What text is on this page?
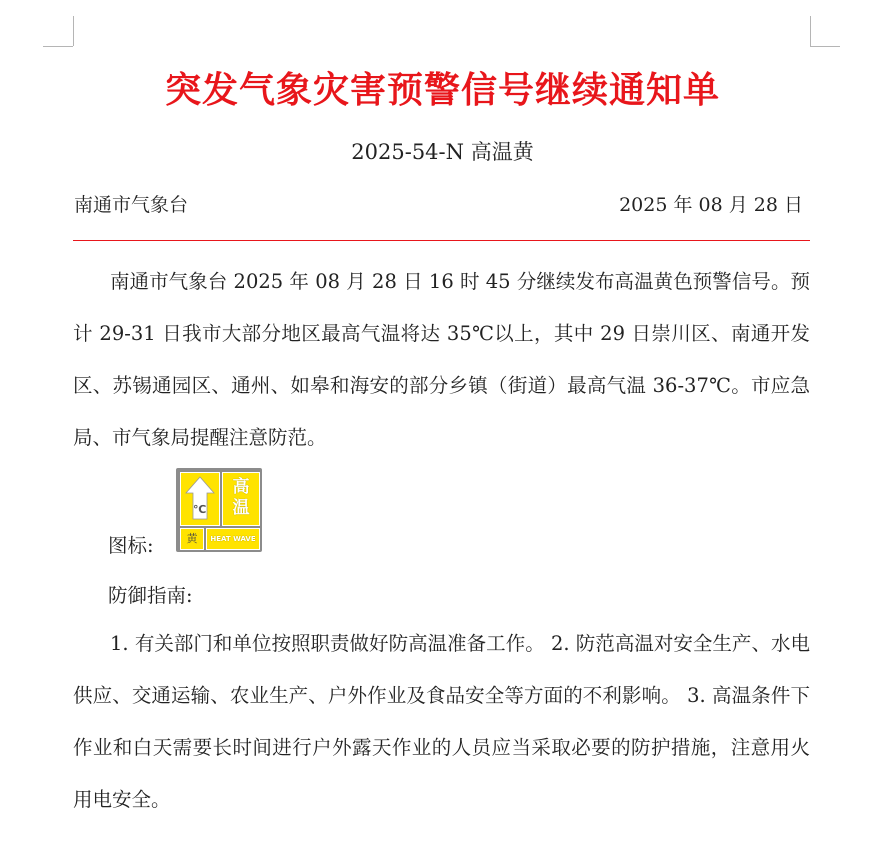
突发气象灾害预警信号继续通知单
2025-54-N 高温黄
南通市气象台	2025 年 08 月 28 日

南通市气象台 2025 年 08 月 28 日 16 时 45 分继续发布高温黄色预警信号。预计 29-31 日我市大部分地区最高气温将达 35℃以上，其中 29 日崇川区、南通开发区、苏锡通园区、通州、如皋和海安的部分乡镇（街道）最高气温 36-37℃。市应急局、市气象局提醒注意防范。

图标:
℃
高
温
黄	HEAT WAVE
防御指南:

1. 有关部门和单位按照职责做好防高温准备工作。 2. 防范高温对安全生产、水电供应、交通运输、农业生产、户外作业及食品安全等方面的不利影响。 3. 高温条件下作业和白天需要长时间进行户外露天作业的人员应当采取必要的防护措施，注意用火用电安全。
